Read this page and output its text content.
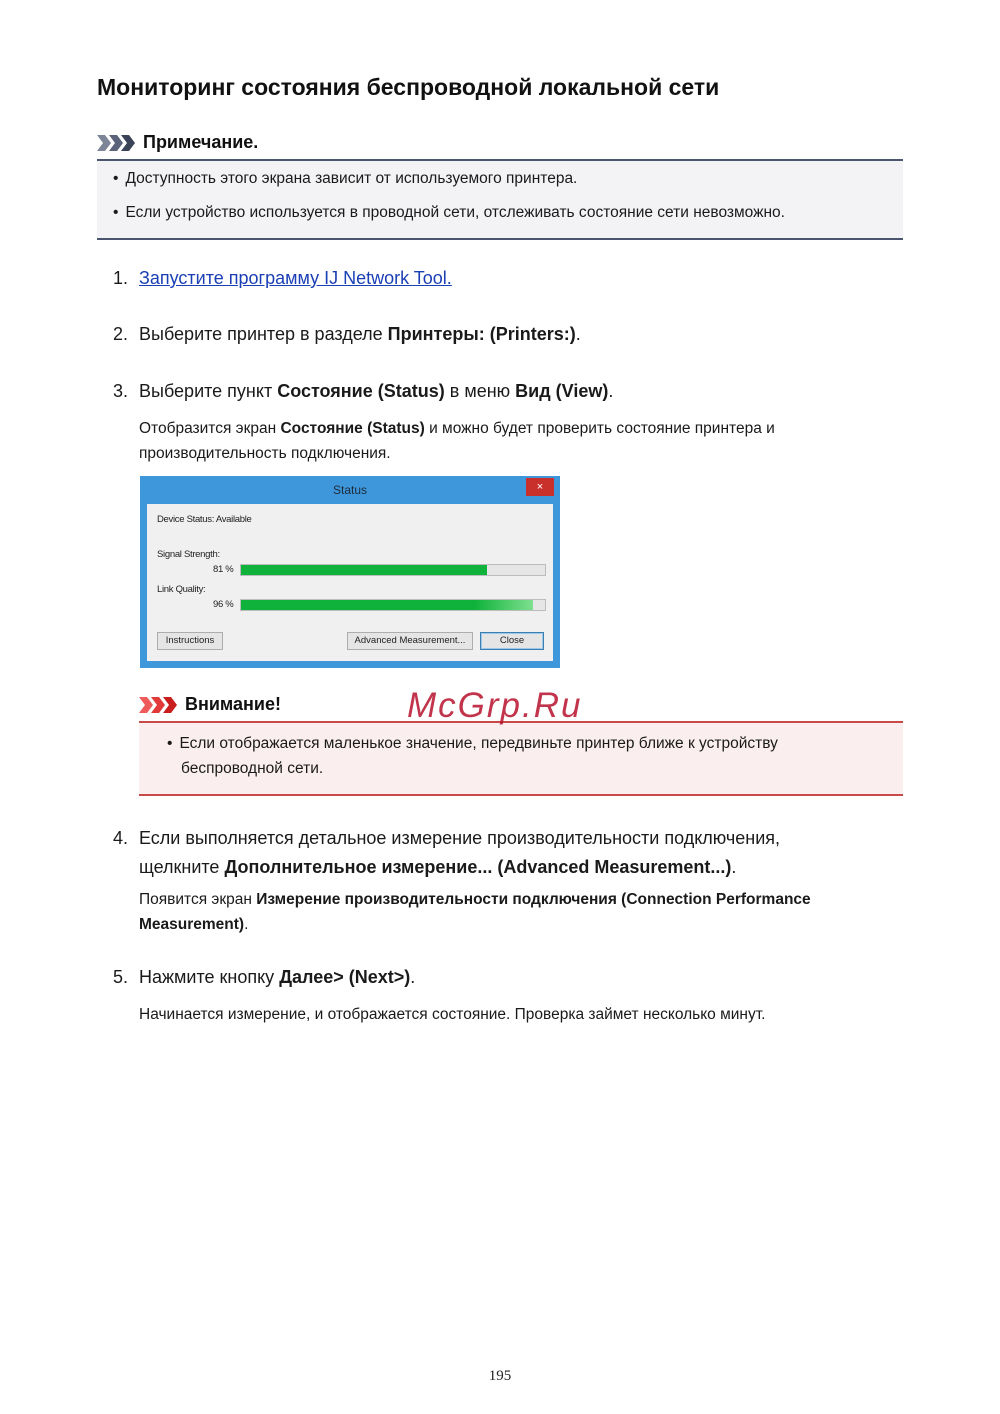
Мониторинг состояния беспроводной локальной сети
Примечание.
• Доступность этого экрана зависит от используемого принтера.
• Если устройство используется в проводной сети, отслеживать состояние сети невозможно.
1. Запустите программу IJ Network Tool.
2. Выберите принтер в разделе Принтеры: (Printers:).
3. Выберите пункт Состояние (Status) в меню Вид (View).
Отобразится экран Состояние (Status) и можно будет проверить состояние принтера и производительность подключения.
Status	×
Device Status: Available
Signal Strength:
81 %
Link Quality:
96 %
Instructions	Advanced Measurement...	Close
Внимание!
• Если отображается маленькое значение, передвиньте принтер ближе к устройству беспроводной сети.
McGrp.Ru
4. Если выполняется детальное измерение производительности подключения,
щелкните Дополнительное измерение... (Advanced Measurement...).
Появится экран Измерение производительности подключения (Connection Performance Measurement).
5. Нажмите кнопку Далее> (Next>).
Начинается измерение, и отображается состояние. Проверка займет несколько минут.
195
